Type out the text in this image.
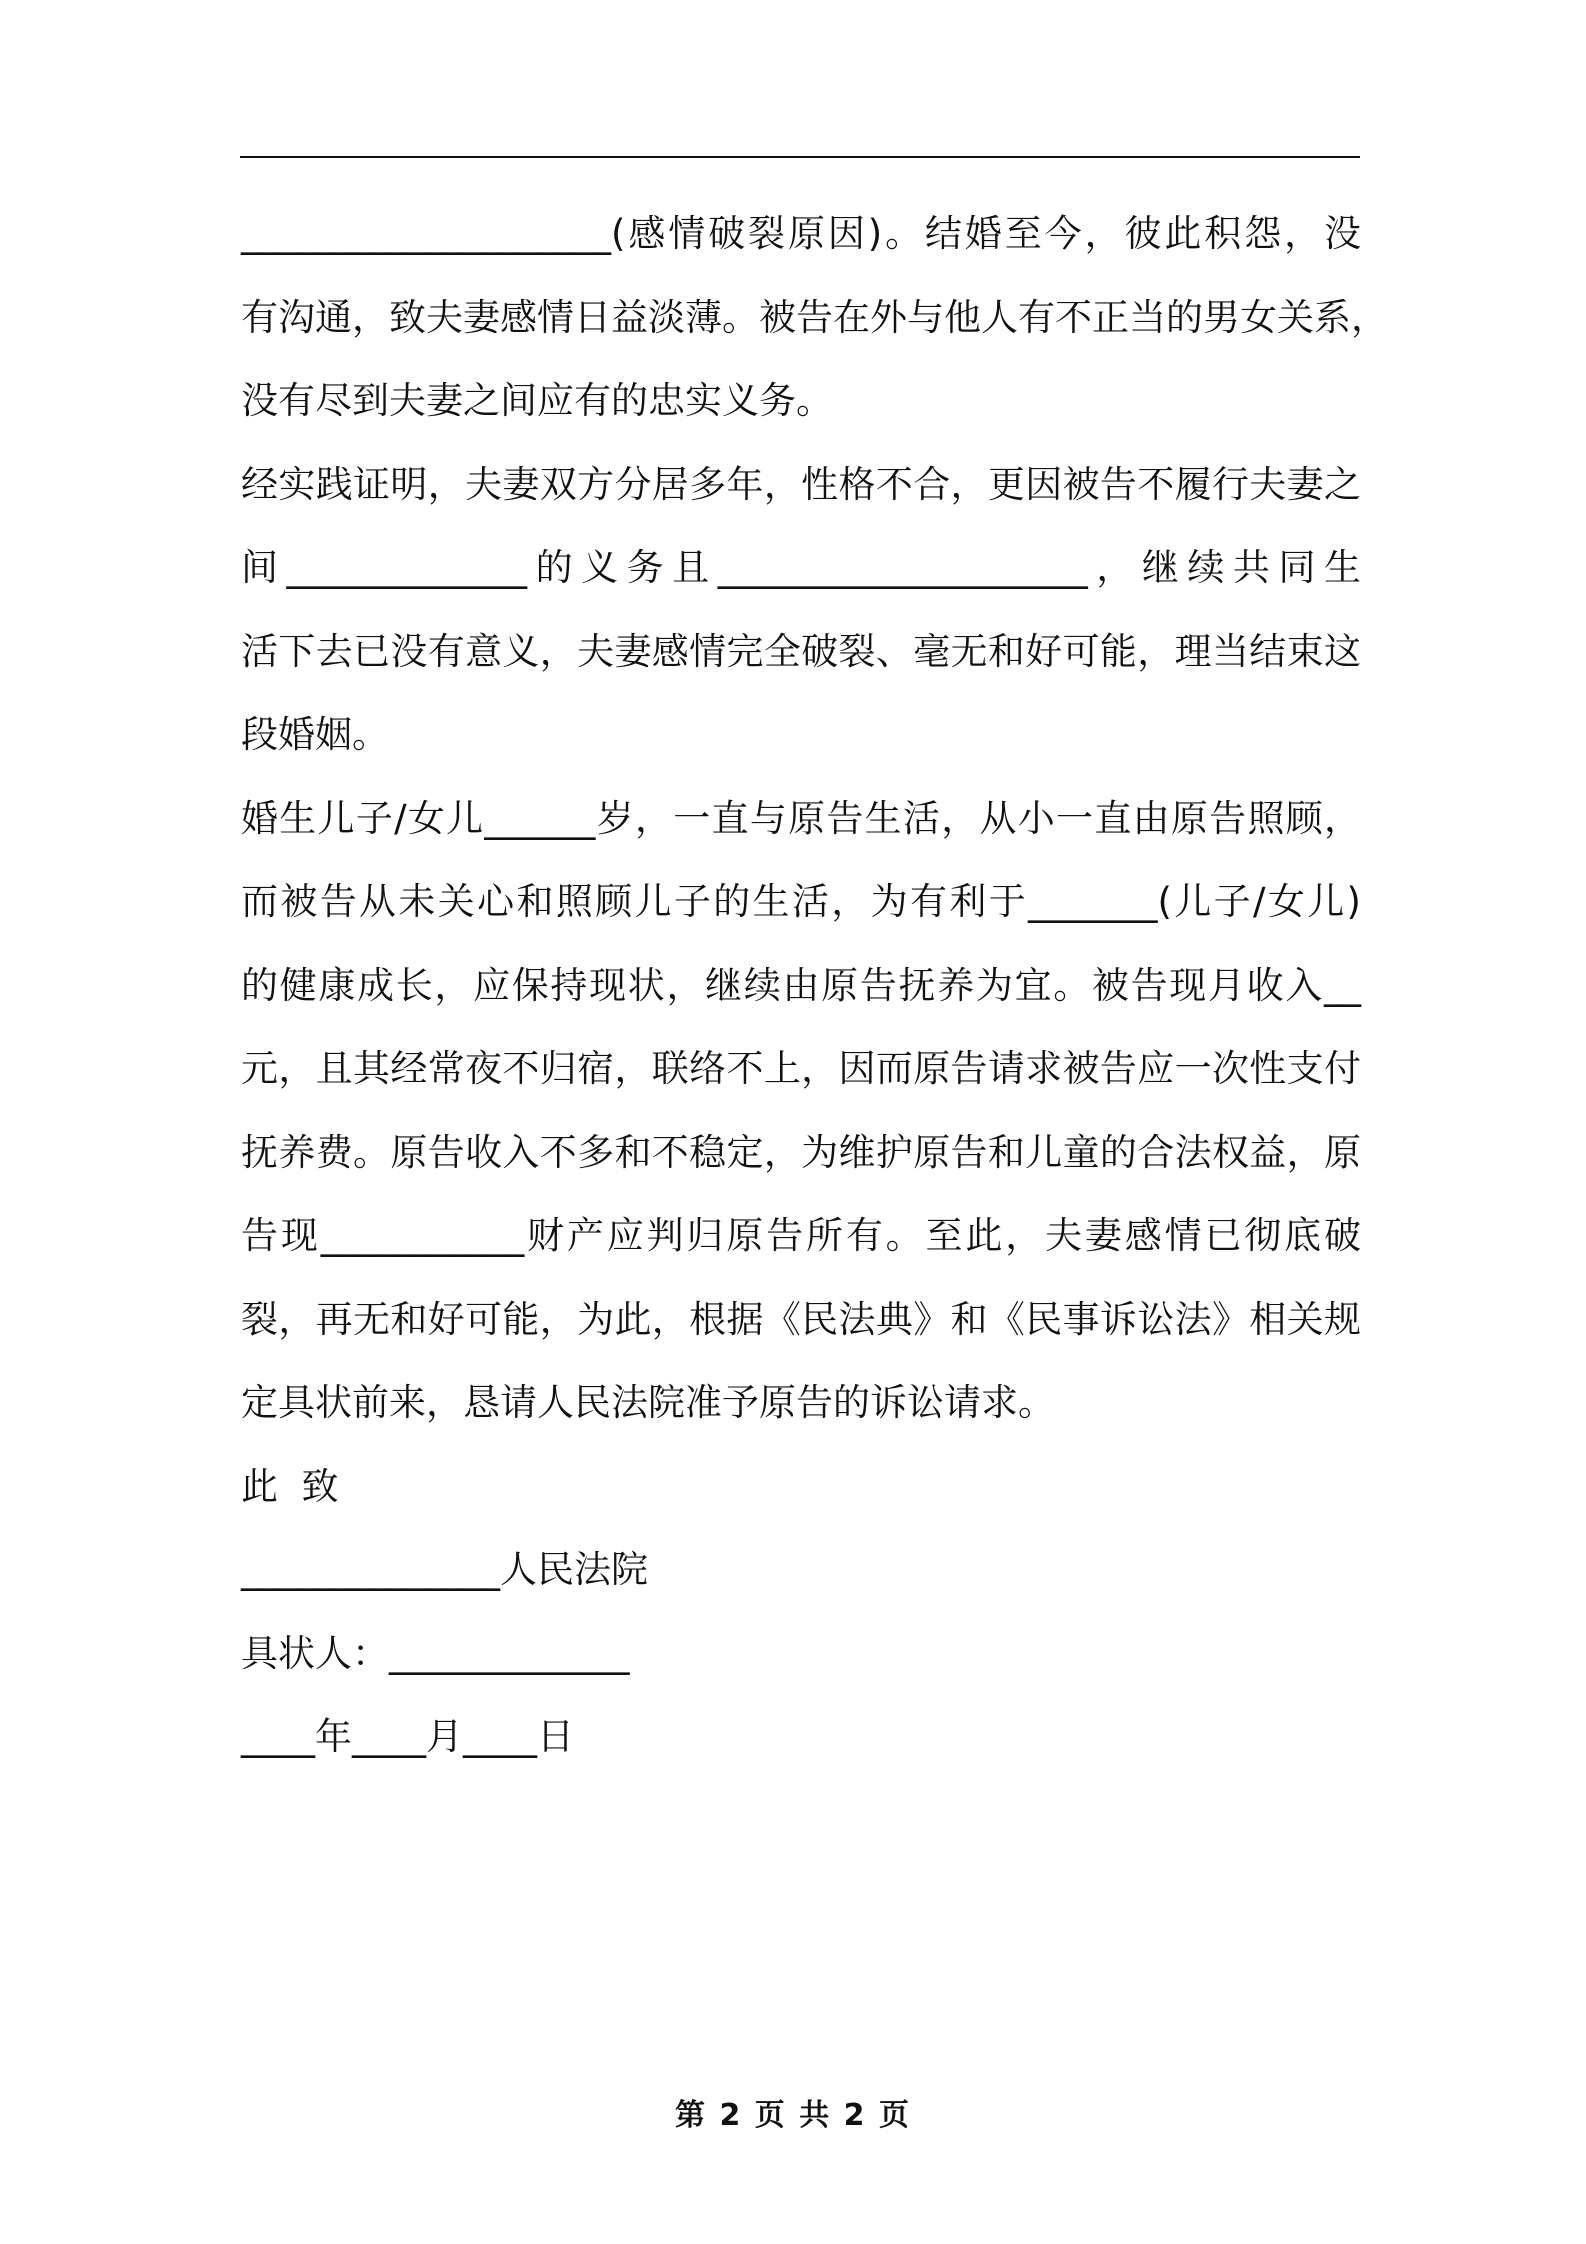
____________________(感情破裂原因)。结婚至今，彼此积怨，没
有沟通，致夫妻感情日益淡薄。被告在外与他人有不正当的男女关系，
没有尽到夫妻之间应有的忠实义务。
经实践证明，夫妻双方分居多年，性格不合，更因被告不履行夫妻之
间_____________的义务且____________________，继续共同生
活下去已没有意义，夫妻感情完全破裂、毫无和好可能，理当结束这
段婚姻。
婚生儿子/女儿______岁，一直与原告生活，从小一直由原告照顾，
而被告从未关心和照顾儿子的生活，为有利于_______(儿子/女儿)
的健康成长，应保持现状，继续由原告抚养为宜。被告现月收入__
元，且其经常夜不归宿，联络不上，因而原告请求被告应一次性支付
抚养费。原告收入不多和不稳定，为维护原告和儿童的合法权益，原
告现___________财产应判归原告所有。至此，夫妻感情已彻底破
裂，再无和好可能，为此，根据《民法典》和《民事诉讼法》相关规
定具状前来，恳请人民法院准予原告的诉讼请求。
此  致
______________人民法院
具状人：_____________
____年____月____日
第 2 页 共 2 页
